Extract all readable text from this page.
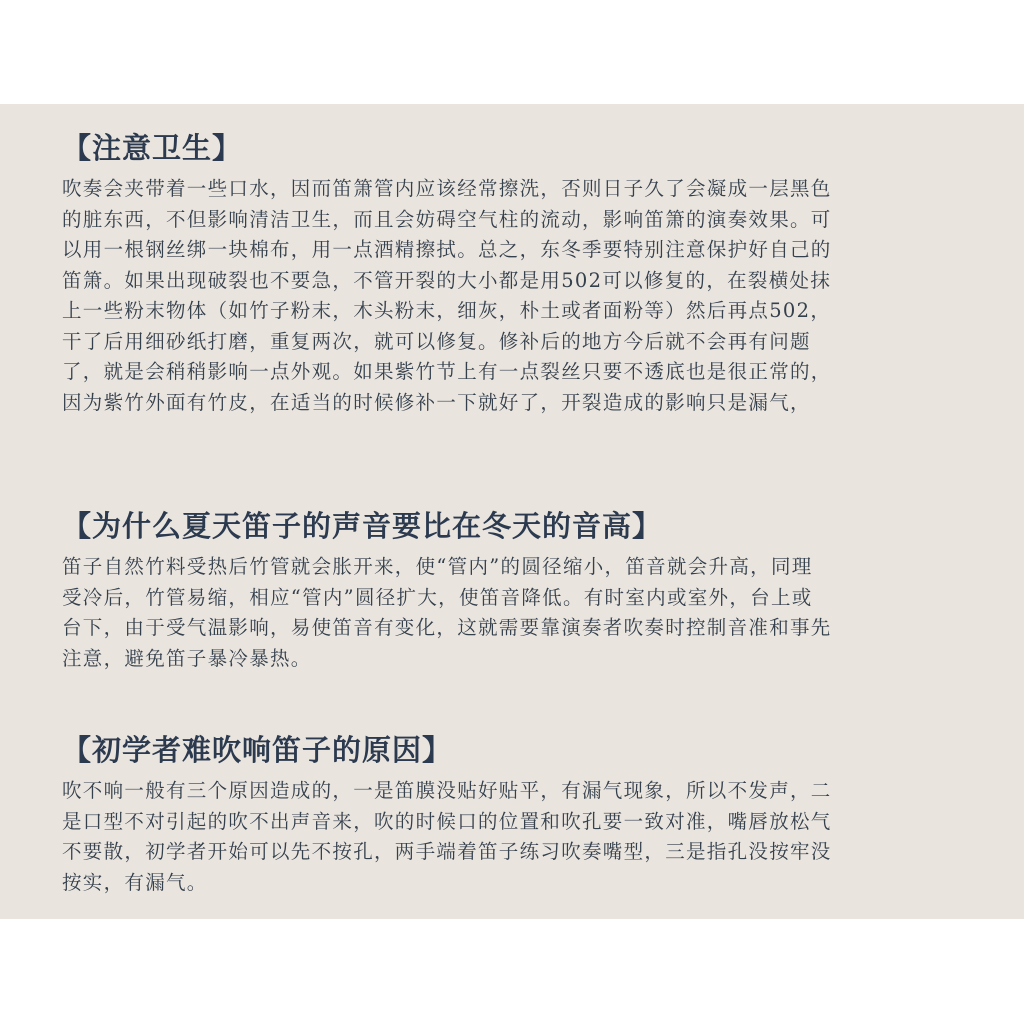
【注意卫生】
吹奏会夹带着一些口水，因而笛箫管内应该经常擦洗，否则日子久了会凝成一层黑色
的脏东西，不但影响清洁卫生，而且会妨碍空气柱的流动，影响笛箫的演奏效果。可
以用一根钢丝绑一块棉布，用一点酒精擦拭。总之，东冬季要特别注意保护好自己的
笛箫。如果出现破裂也不要急，不管开裂的大小都是用502可以修复的，在裂横处抹
上一些粉末物体（如竹子粉末，木头粉末，细灰，朴土或者面粉等）然后再点502，
干了后用细砂纸打磨，重复两次，就可以修复。修补后的地方今后就不会再有问题
了，就是会稍稍影响一点外观。如果紫竹节上有一点裂丝只要不透底也是很正常的，
因为紫竹外面有竹皮，在适当的时候修补一下就好了，开裂造成的影响只是漏气，
【为什么夏天笛子的声音要比在冬天的音高】
笛子自然竹料受热后竹管就会胀开来，使“管内”的圆径缩小，笛音就会升高，同理
受冷后，竹管易缩，相应“管内”圆径扩大，使笛音降低。有时室内或室外，台上或
台下，由于受气温影响，易使笛音有变化，这就需要靠演奏者吹奏时控制音准和事先
注意，避免笛子暴冷暴热。
【初学者难吹响笛子的原因】
吹不响一般有三个原因造成的，一是笛膜没贴好贴平，有漏气现象，所以不发声，二
是口型不对引起的吹不出声音来，吹的时候口的位置和吹孔要一致对准，嘴唇放松气
不要散，初学者开始可以先不按孔，两手端着笛子练习吹奏嘴型，三是指孔没按牢没
按实，有漏气。
